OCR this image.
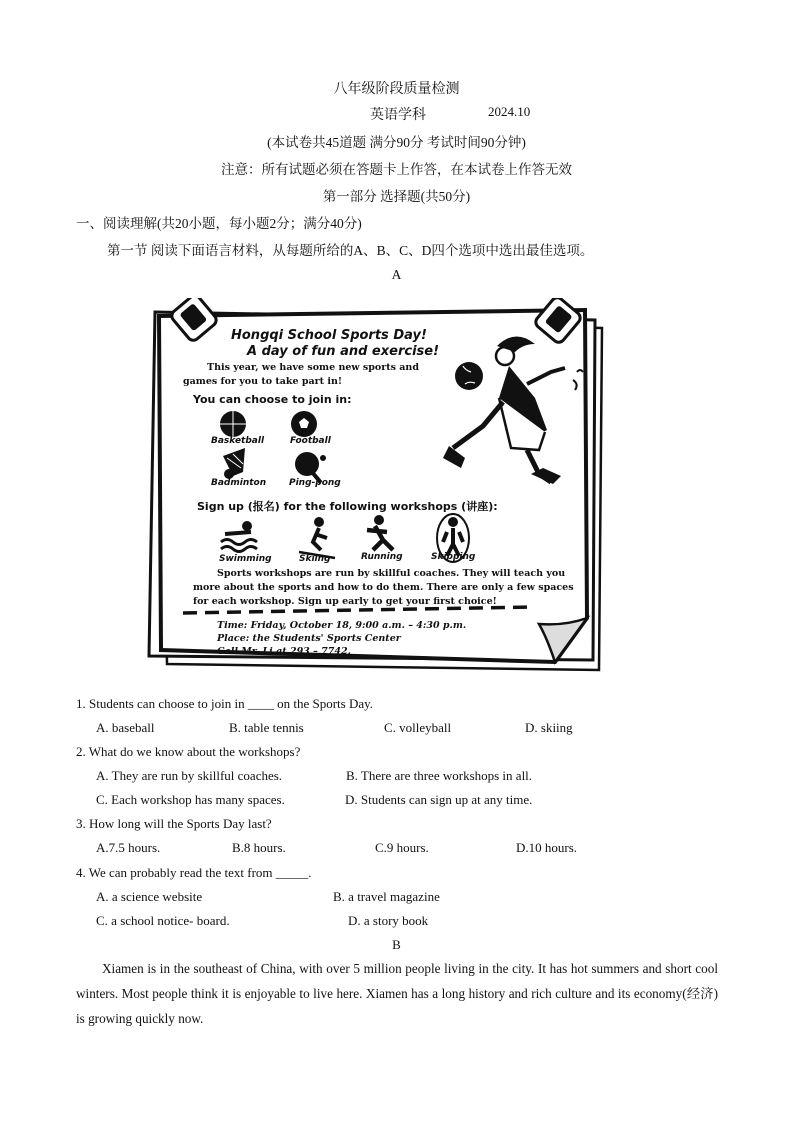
八年级阶段质量检测
英语学科	2024.10
(本试卷共45道题 满分90分 考试时间90分钟)
注意：所有试题必须在答题卡上作答，在本试卷上作答无效
第一部分 选择题(共50分)
一、阅读理解(共20小题，每小题2分；满分40分)
第一节 阅读下面语言材料，从每题所给的A、B、C、D四个选项中选出最佳选项。
A
Hongqi School Sports Day!
A day of fun and exercise!
This year, we have some new sports and
games for you to take part in!
You can choose to join in:
Basketball	Football
Badminton	Ping-pong
Sign up (报名) for the following workshops (讲座):
Swimming	Skiing	Running	Skipping
Sports workshops are run by skillful coaches. They will teach you
more about the sports and how to do them. There are only a few spaces
for each workshop. Sign up early to get your first choice!
Time: Friday, October 18, 9:00 a.m. – 4:30 p.m.
Place: the Students' Sports Center
Call Mr. Li at 293 – 7742.
1. Students can choose to join in ____ on the Sports Day.
A. baseball	B. table tennis	C. volleyball	D. skiing
2. What do we know about the workshops?
A. They are run by skillful coaches.	B. There are three workshops in all.
C. Each workshop has many spaces.	D. Students can sign up at any time.
3. How long will the Sports Day last?
A.7.5 hours.	B.8 hours.	C.9 hours.	D.10 hours.
4. We can probably read the text from _____.
A. a science website	B. a travel magazine
C. a school notice- board.	D. a story book
B
Xiamen is in the southeast of China, with over 5 million people living in the city. It has hot summers and short cool winters. Most people think it is enjoyable to live here. Xiamen has a long history and rich culture and its economy(经济) is growing quickly now.
